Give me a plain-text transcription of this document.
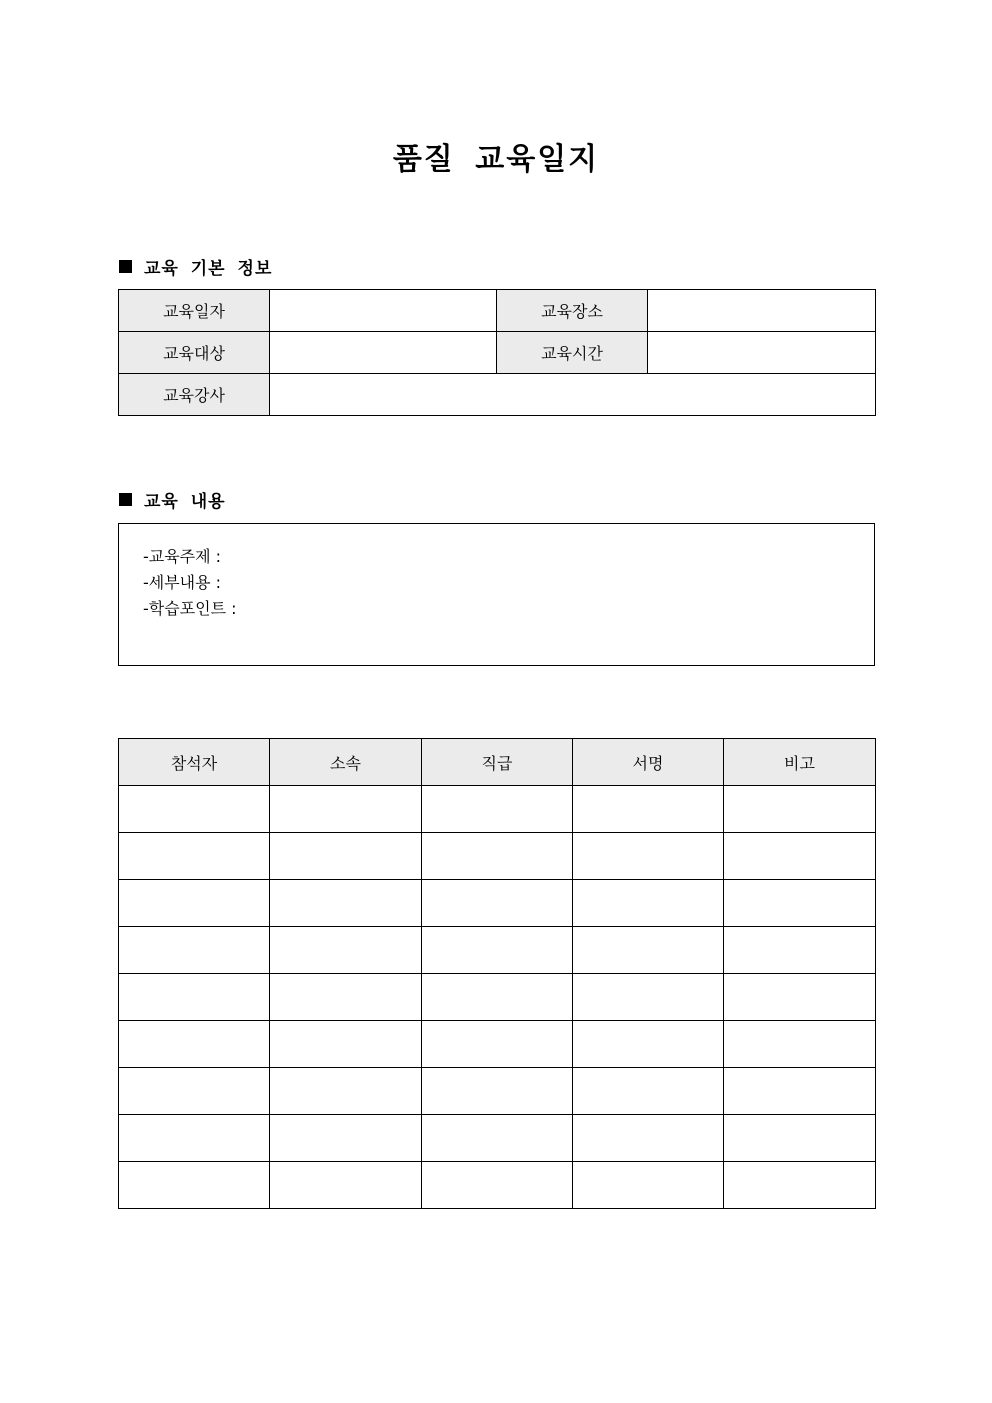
품질 교육일지
교육 기본 정보
교육일자		교육장소	
교육대상		교육시간	
교육강사			
교육 내용
-교육주제 :
-세부내용 :
-학습포인트 :
참석자	소속	직급	서명	비고
